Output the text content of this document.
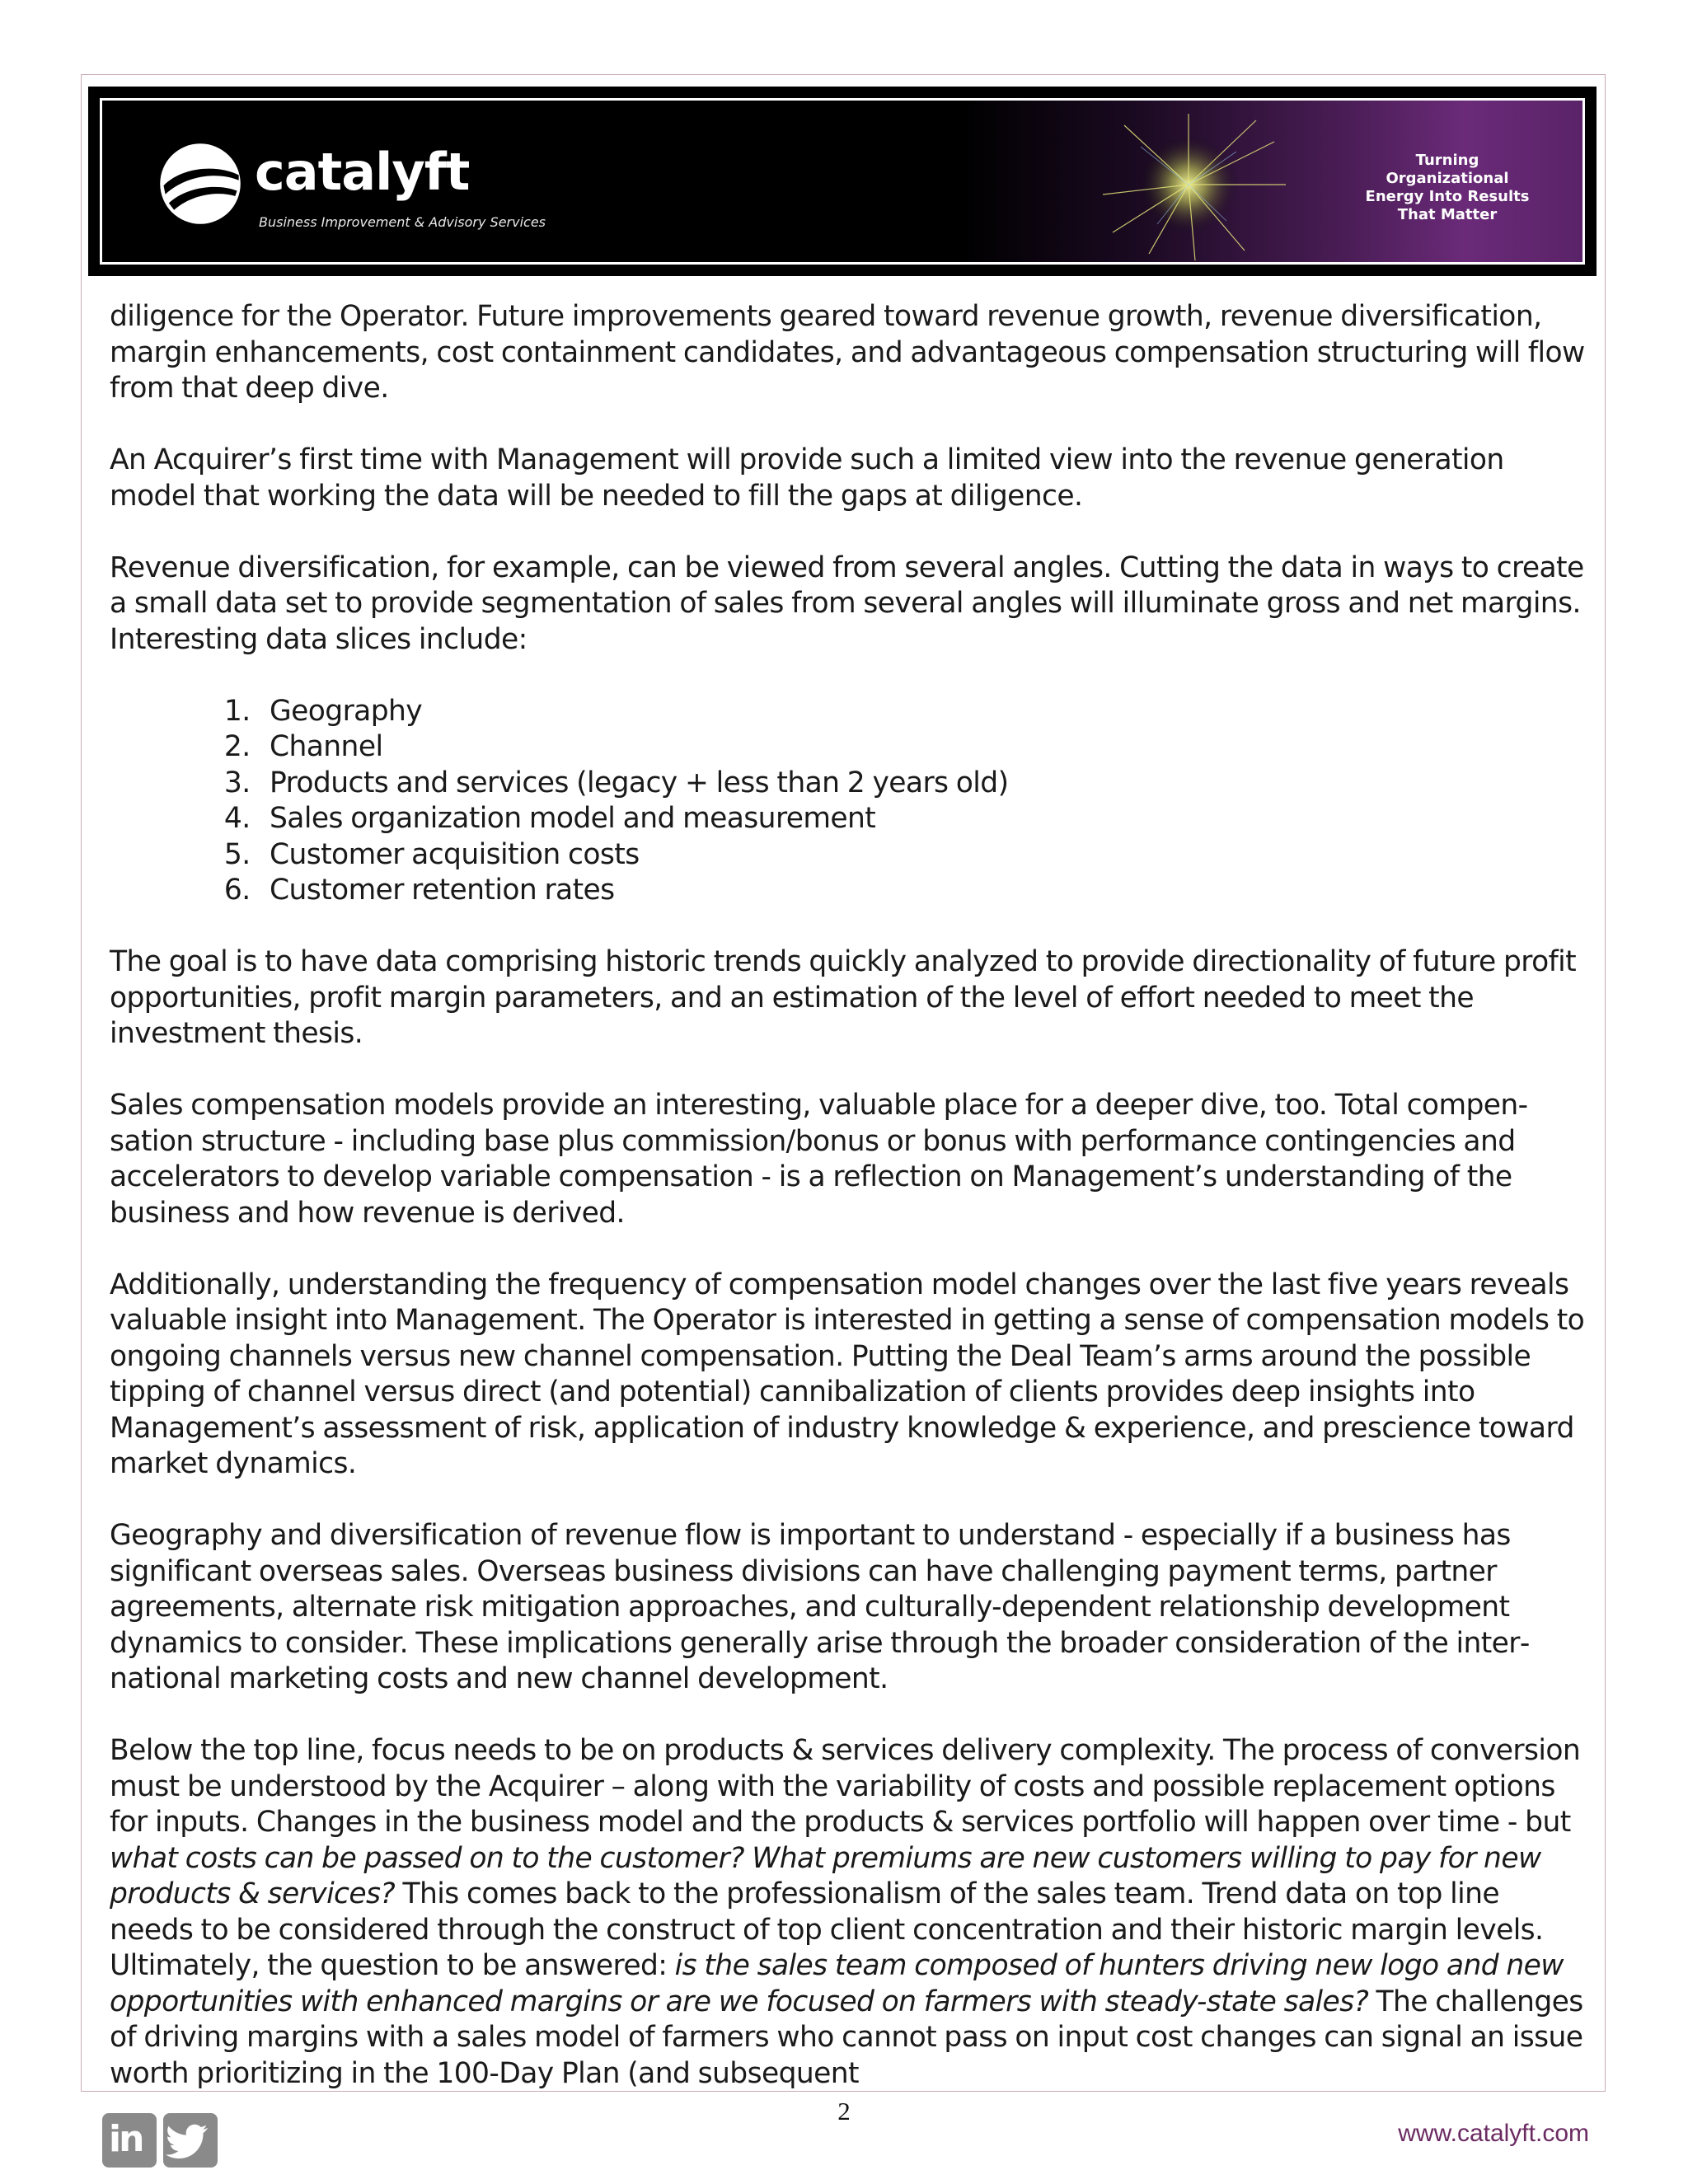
catalyft
Business Improvement & Advisory Services
Turning
Organizational
Energy Into Results
That Matter

diligence for the Operator. Future improvements geared toward revenue growth, revenue diversification, margin enhancements, cost containment candidates, and advantageous compensation structuring will flow from that deep dive.

An Acquirer’s first time with Management will provide such a limited view into the revenue generation model that working the data will be needed to fill the gaps at diligence.

Revenue diversification, for example, can be viewed from several angles. Cutting the data in ways to create a small data set to provide segmentation of sales from several angles will illuminate gross and net margins. Interesting data slices include:

1. Geography
2. Channel
3. Products and services (legacy + less than 2 years old)
4. Sales organization model and measurement
5. Customer acquisition costs
6. Customer retention rates

The goal is to have data comprising historic trends quickly analyzed to provide directionality of future profit opportunities, profit margin parameters, and an estimation of the level of effort needed to meet the investment thesis.

Sales compensation models provide an interesting, valuable place for a deeper dive, too. Total compensation structure - including base plus commission/bonus or bonus with performance contingencies and accelerators to develop variable compensation - is a reflection on Management’s understanding of the business and how revenue is derived.

Additionally, understanding the frequency of compensation model changes over the last five years reveals valuable insight into Management. The Operator is interested in getting a sense of compensation models to ongoing channels versus new channel compensation. Putting the Deal Team’s arms around the possible tipping of channel versus direct (and potential) cannibalization of clients provides deep insights into Management’s assessment of risk, application of industry knowledge & experience, and prescience toward market dynamics.

Geography and diversification of revenue flow is important to understand - especially if a business has significant overseas sales. Overseas business divisions can have challenging payment terms, partner agreements, alternate risk mitigation approaches, and culturally-dependent relationship development dynamics to consider. These implications generally arise through the broader consideration of the international marketing costs and new channel development.

Below the top line, focus needs to be on products & services delivery complexity. The process of conversion must be understood by the Acquirer – along with the variability of costs and possible replacement options for inputs. Changes in the business model and the products & services portfolio will happen over time - but what costs can be passed on to the customer? What premiums are new customers willing to pay for new products & services? This comes back to the professionalism of the sales team. Trend data on top line needs to be considered through the construct of top client concentration and their historic margin levels. Ultimately, the question to be answered: is the sales team composed of hunters driving new logo and new opportunities with enhanced margins or are we focused on farmers with steady-state sales? The challenges of driving margins with a sales model of farmers who cannot pass on input cost changes can signal an issue worth prioritizing in the 100-Day Plan (and subsequent

2
in	www.catalyft.com
